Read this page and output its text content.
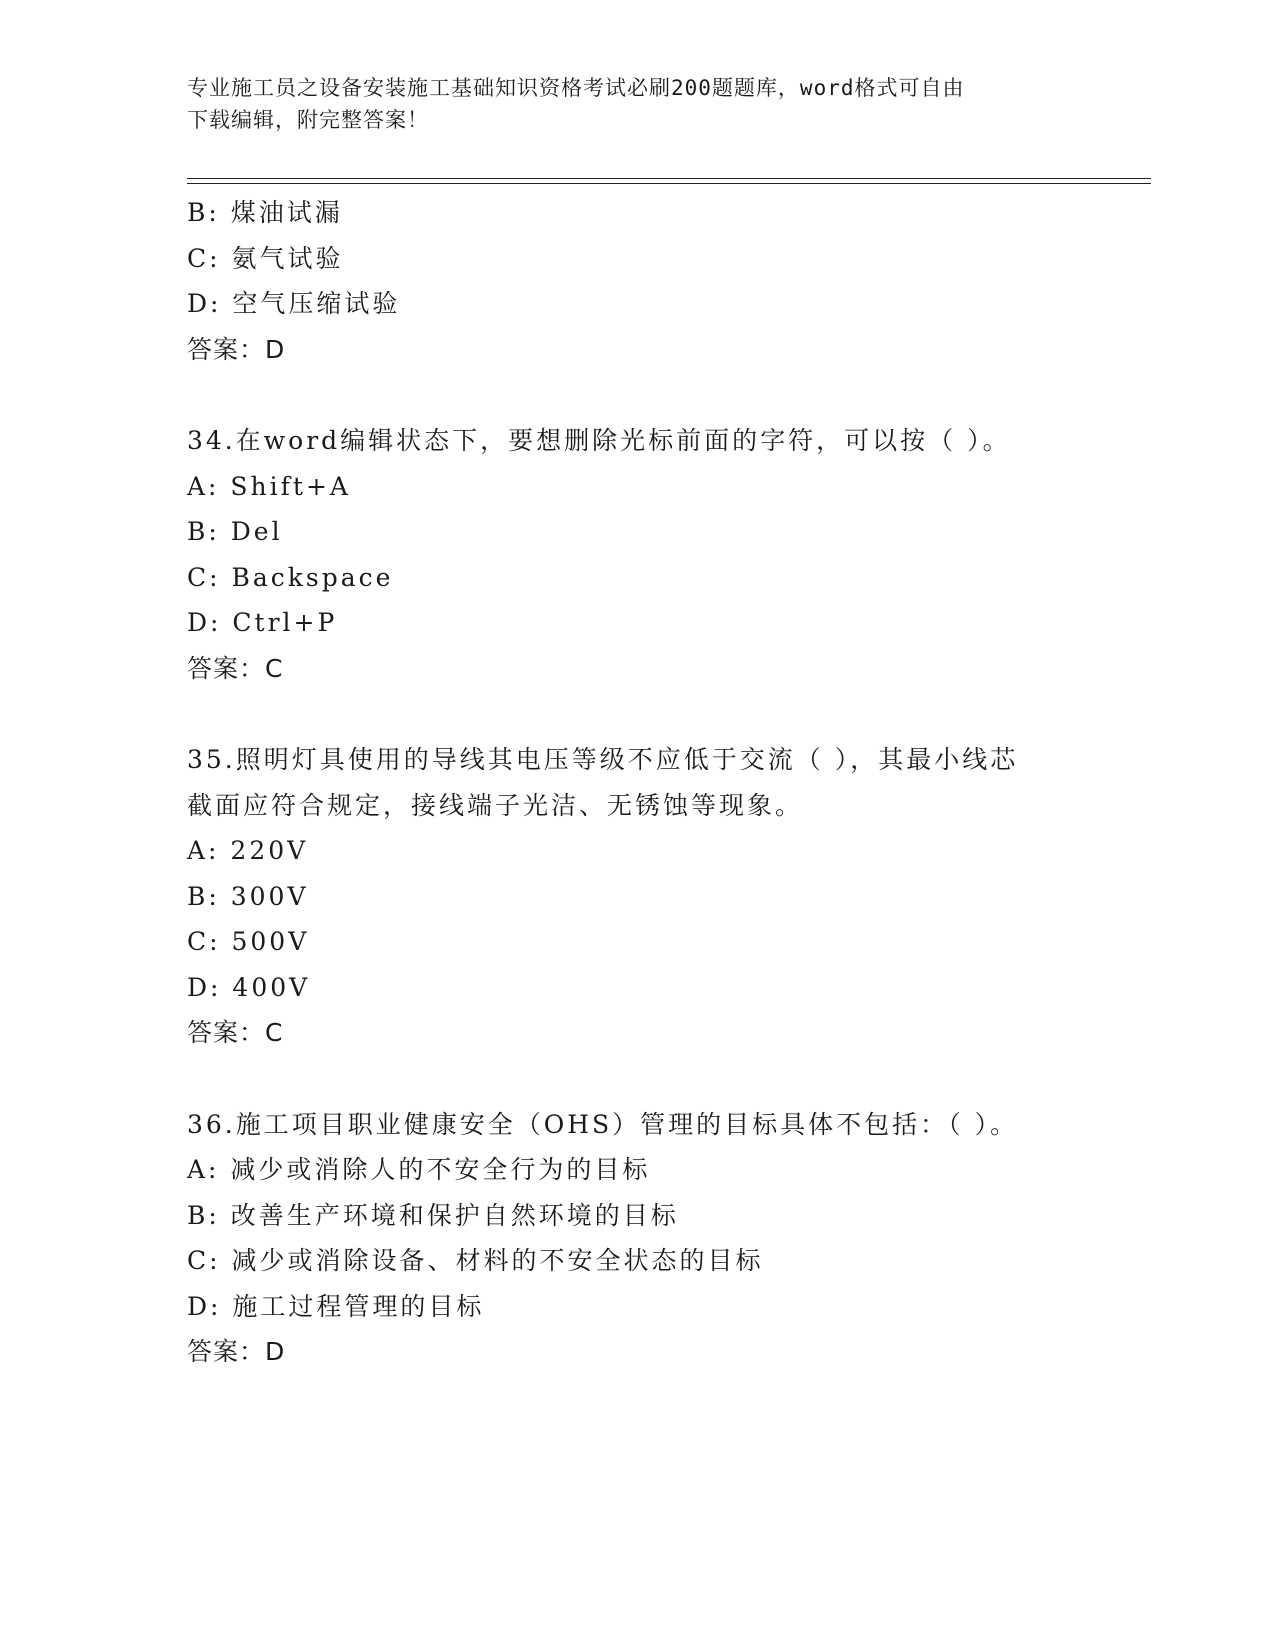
专业施工员之设备安装施工基础知识资格考试必刷200题题库，word格式可自由
下载编辑，附完整答案！
B: 煤油试漏
C: 氨气试验
D: 空气压缩试验
答案：D
34.在word编辑状态下，要想删除光标前面的字符，可以按（ ）。
A: Shift+A
B: Del
C: Backspace
D: Ctrl+P
答案：C
35.照明灯具使用的导线其电压等级不应低于交流（ ），其最小线芯
截面应符合规定，接线端子光洁、无锈蚀等现象。
A: 220V
B: 300V
C: 500V
D: 400V
答案：C
36.施工项目职业健康安全（OHS）管理的目标具体不包括：（ ）。
A: 减少或消除人的不安全行为的目标
B: 改善生产环境和保护自然环境的目标
C: 减少或消除设备、材料的不安全状态的目标
D: 施工过程管理的目标
答案：D
